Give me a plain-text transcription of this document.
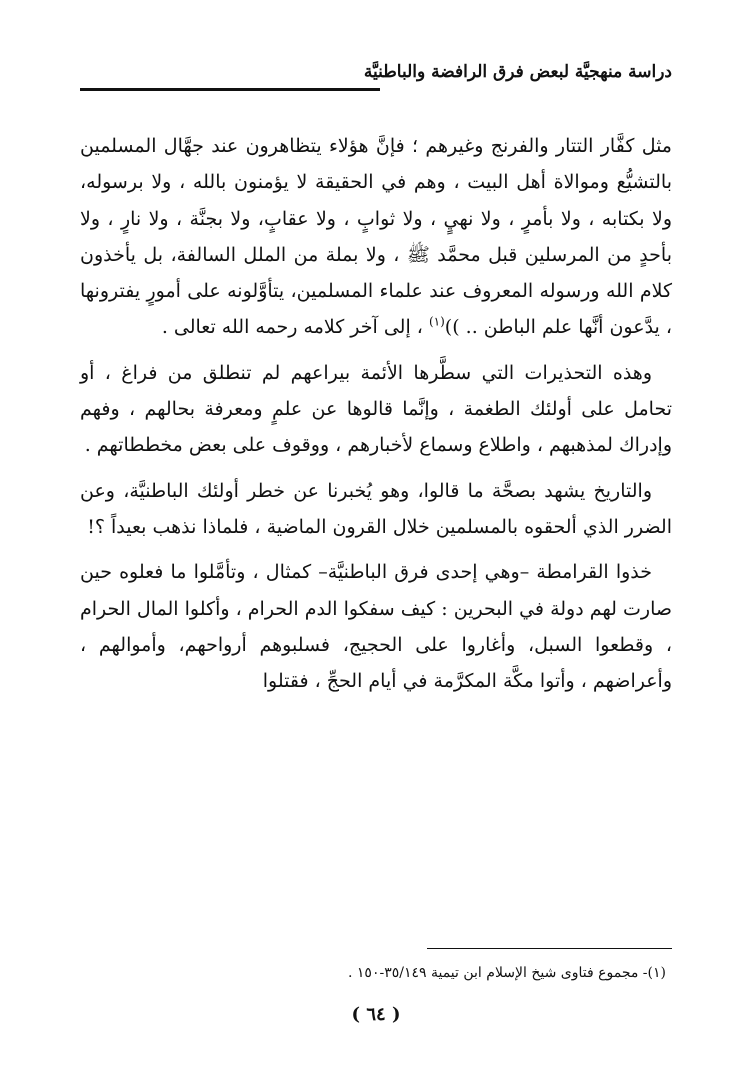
دراسة منهجيَّة لبعض فرق الرافضة والباطنيَّة

مثل كفَّار التتار والفرنج وغيرهم ؛ فإنَّ هؤلاء يتظاهرون عند جهَّال المسلمين بالتشيُّع وموالاة أهل البيت ، وهم في الحقيقة لا يؤمنون بالله ، ولا برسوله، ولا بكتابه ، ولا بأمرٍ ، ولا نهيٍ ، ولا ثوابٍ ، ولا عقابٍ، ولا بجنَّة ، ولا نارٍ ، ولا بأحدٍ من المرسلين قبل محمَّد ﷺ ، ولا بملة من الملل السالفة، بل يأخذون كلام الله ورسوله المعروف عند علماء المسلمين، يتأوَّلونه على أمورٍ يفترونها ، يدَّعون أنَّها علم الباطن .. ))$^{(١)}$ ، إلى آخر كلامه رحمه الله تعالى .

وهذه التحذيرات التي سطَّرها الأئمة بيراعهم لم تنطلق من فراغ ، أو تحامل على أولئك الطغمة ، وإنَّما قالوها عن علمٍ ومعرفة بحالهم ، وفهم وإدراك لمذهبهم ، واطلاع وسماع لأخبارهم ، ووقوف على بعض مخططاتهم .

والتاريخ يشهد بصحَّة ما قالوا، وهو يُخبرنا عن خطر أولئك الباطنيَّة، وعن الضرر الذي ألحقوه بالمسلمين خلال القرون الماضية ، فلماذا نذهب بعيداً ؟!

خذوا القرامطة –وهي إحدى فرق الباطنيَّة– كمثال ، وتأمَّلوا ما فعلوه حين صارت لهم دولة في البحرين : كيف سفكوا الدم الحرام ، وأكلوا المال الحرام ، وقطعوا السبل، وأغاروا على الحجيج، فسلبوهم أرواحهم، وأموالهم ، وأعراضهم ، وأتوا مكَّة المكرَّمة في أيام الحجِّ ، فقتلوا

(١)- مجموع فتاوى شيخ الإسلام ابن تيمية ٣٥/١٤٩-١٥٠ .
( ٦٤ )
